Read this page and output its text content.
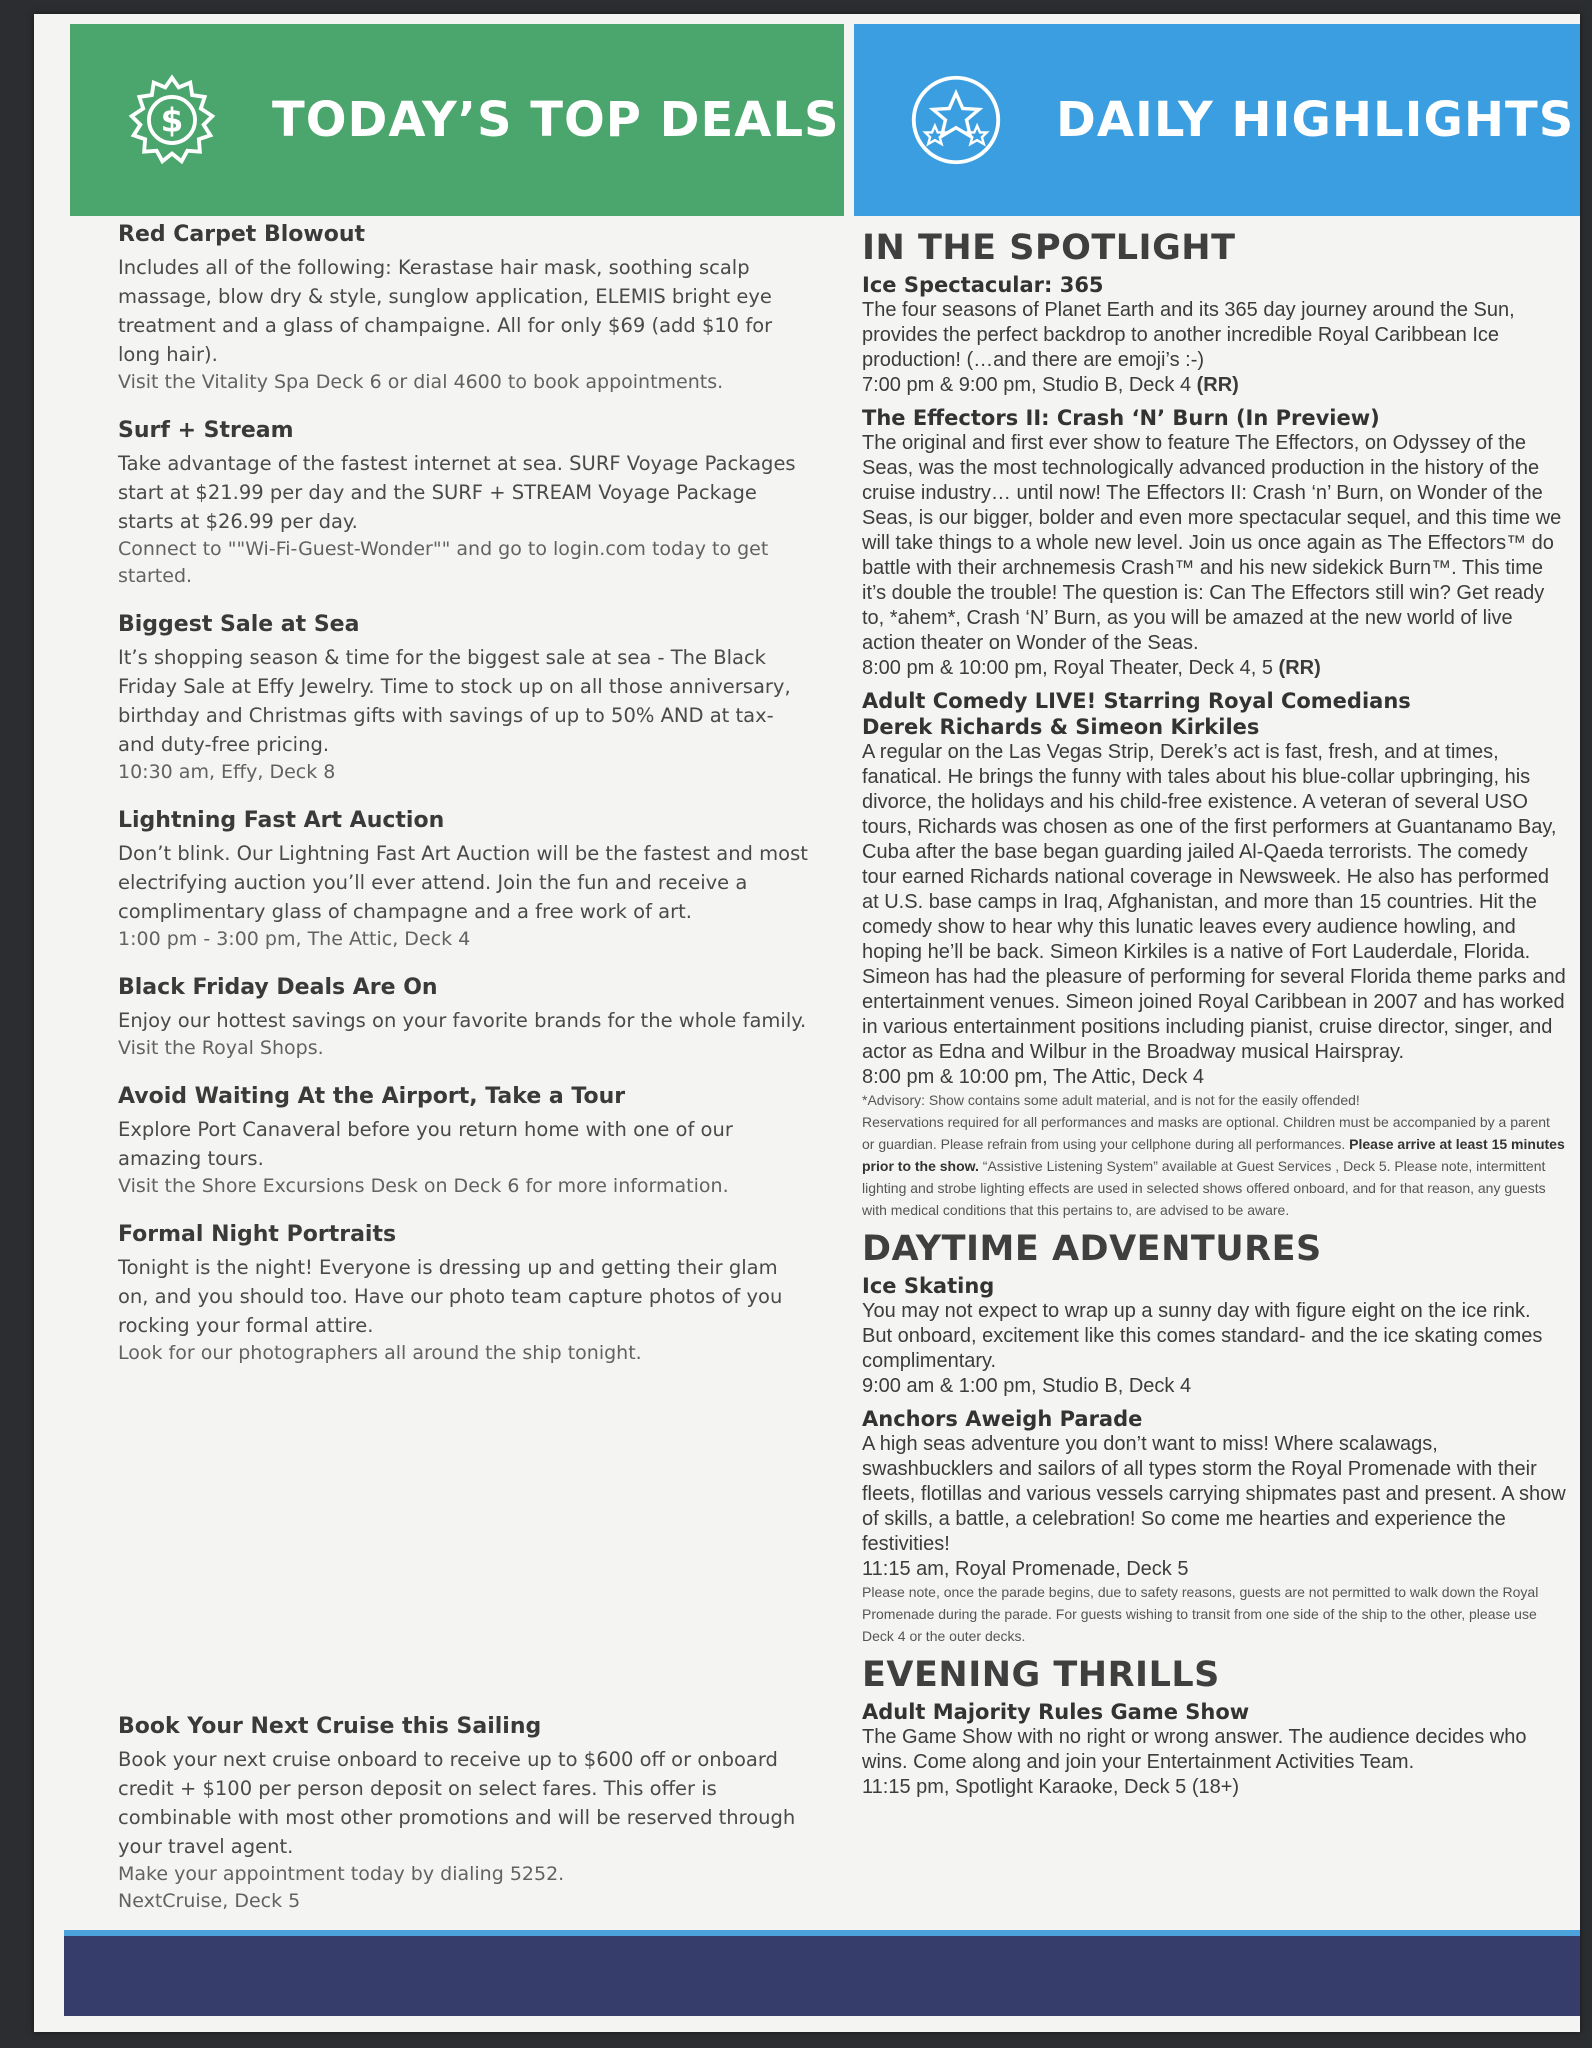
$ TODAY’S TOP DEALS	DAILY HIGHLIGHTS
Red Carpet Blowout
Includes all of the following: Kerastase hair mask, soothing scalp massage, blow dry & style, sunglow application, ELEMIS bright eye treatment and a glass of champaigne. All for only $69 (add $10 for long hair).
Visit the Vitality Spa Deck 6 or dial 4600 to book appointments.
Surf + Stream
Take advantage of the fastest internet at sea. SURF Voyage Packages start at $21.99 per day and the SURF + STREAM Voyage Package starts at $26.99 per day.
Connect to ""Wi-Fi-Guest-Wonder"" and go to login.com today to get started.
Biggest Sale at Sea
It’s shopping season & time for the biggest sale at sea - The Black Friday Sale at Effy Jewelry. Time to stock up on all those anniversary, birthday and Christmas gifts with savings of up to 50% AND at tax-and duty-free pricing.
10:30 am, Effy, Deck 8
Lightning Fast Art Auction
Don’t blink. Our Lightning Fast Art Auction will be the fastest and most electrifying auction you’ll ever attend. Join the fun and receive a complimentary glass of champagne and a free work of art.
1:00 pm - 3:00 pm, The Attic, Deck 4
Black Friday Deals Are On
Enjoy our hottest savings on your favorite brands for the whole family.
Visit the Royal Shops.
Avoid Waiting At the Airport, Take a Tour
Explore Port Canaveral before you return home with one of our amazing tours.
Visit the Shore Excursions Desk on Deck 6 for more information.
Formal Night Portraits
Tonight is the night! Everyone is dressing up and getting their glam on, and you should too. Have our photo team capture photos of you rocking your formal attire.
Look for our photographers all around the ship tonight.
Book Your Next Cruise this Sailing
Book your next cruise onboard to receive up to $600 off or onboard credit + $100 per person deposit on select fares. This offer is combinable with most other promotions and will be reserved through your travel agent.
Make your appointment today by dialing 5252.
NextCruise, Deck 5
IN THE SPOTLIGHT
Ice Spectacular: 365
The four seasons of Planet Earth and its 365 day journey around the Sun, provides the perfect backdrop to another incredible Royal Caribbean Ice production! (…and there are emoji’s :-)
7:00 pm & 9:00 pm, Studio B, Deck 4 (RR)
The Effectors II: Crash ‘N’ Burn (In Preview)
The original and first ever show to feature The Effectors, on Odyssey of the Seas, was the most technologically advanced production in the history of the cruise industry… until now! The Effectors II: Crash ‘n’ Burn, on Wonder of the Seas, is our bigger, bolder and even more spectacular sequel, and this time we will take things to a whole new level. Join us once again as The Effectors™ do battle with their archnemesis Crash™ and his new sidekick Burn™. This time it’s double the trouble! The question is: Can The Effectors still win? Get ready to, *ahem*, Crash ‘N’ Burn, as you will be amazed at the new world of live action theater on Wonder of the Seas.
8:00 pm & 10:00 pm, Royal Theater, Deck 4, 5 (RR)
Adult Comedy LIVE! Starring Royal Comedians
Derek Richards & Simeon Kirkiles
A regular on the Las Vegas Strip, Derek’s act is fast, fresh, and at times, fanatical. He brings the funny with tales about his blue-collar upbringing, his divorce, the holidays and his child-free existence. A veteran of several USO tours, Richards was chosen as one of the first performers at Guantanamo Bay, Cuba after the base began guarding jailed Al-Qaeda terrorists. The comedy tour earned Richards national coverage in Newsweek. He also has performed at U.S. base camps in Iraq, Afghanistan, and more than 15 countries. Hit the comedy show to hear why this lunatic leaves every audience howling, and hoping he’ll be back. Simeon Kirkiles is a native of Fort Lauderdale, Florida. Simeon has had the pleasure of performing for several Florida theme parks and entertainment venues. Simeon joined Royal Caribbean in 2007 and has worked in various entertainment positions including pianist, cruise director, singer, and actor as Edna and Wilbur in the Broadway musical Hairspray.
8:00 pm & 10:00 pm, The Attic, Deck 4
*Advisory: Show contains some adult material, and is not for the easily offended!
Reservations required for all performances and masks are optional. Children must be accompanied by a parent or guardian. Please refrain from using your cellphone during all performances. Please arrive at least 15 minutes prior to the show. “Assistive Listening System” available at Guest Services , Deck 5. Please note, intermittent lighting and strobe lighting effects are used in selected shows offered onboard, and for that reason, any guests with medical conditions that this pertains to, are advised to be aware.
DAYTIME ADVENTURES
Ice Skating
You may not expect to wrap up a sunny day with figure eight on the ice rink. But onboard, excitement like this comes standard- and the ice skating comes complimentary.
9:00 am & 1:00 pm, Studio B, Deck 4
Anchors Aweigh Parade
A high seas adventure you don’t want to miss! Where scalawags, swashbucklers and sailors of all types storm the Royal Promenade with their fleets, flotillas and various vessels carrying shipmates past and present. A show of skills, a battle, a celebration! So come me hearties and experience the festivities!
11:15 am, Royal Promenade, Deck 5
Please note, once the parade begins, due to safety reasons, guests are not permitted to walk down the Royal Promenade during the parade. For guests wishing to transit from one side of the ship to the other, please use Deck 4 or the outer decks.
EVENING THRILLS
Adult Majority Rules Game Show
The Game Show with no right or wrong answer. The audience decides who wins. Come along and join your Entertainment Activities Team.
11:15 pm, Spotlight Karaoke, Deck 5 (18+)
